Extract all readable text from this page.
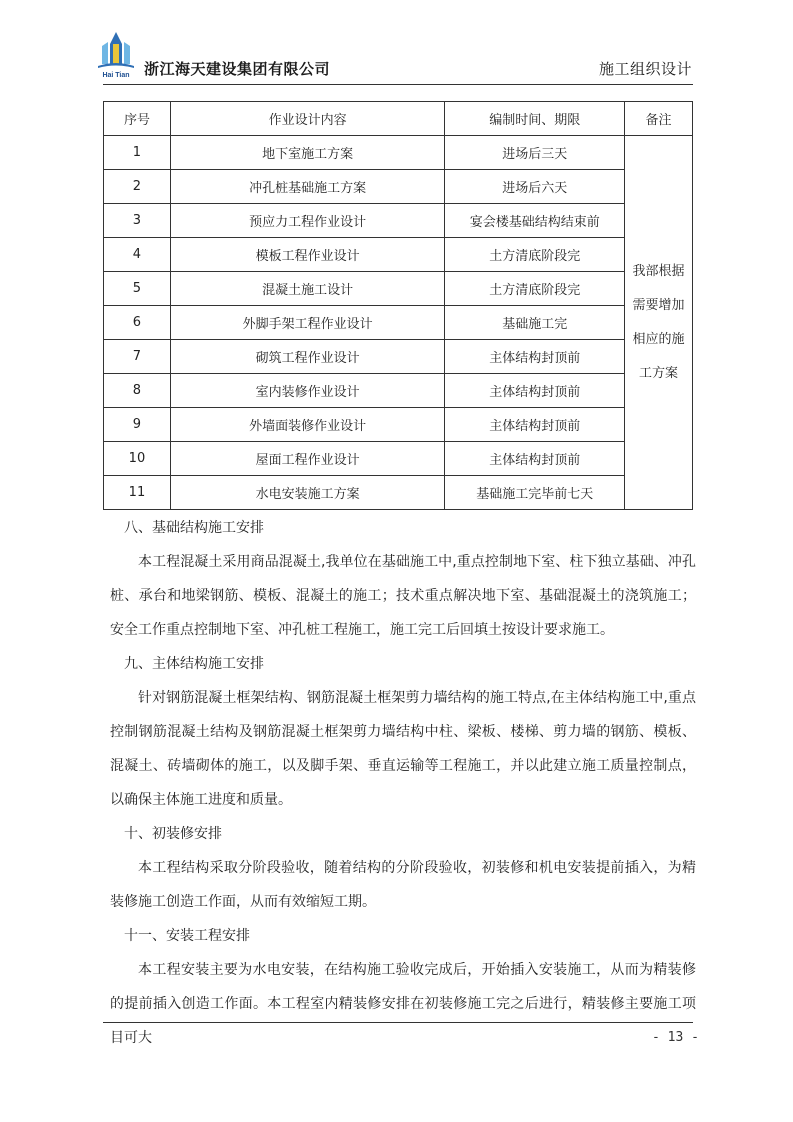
Hai Tian 浙江海天建设集团有限公司	施工组织设计
序号	作业设计内容	编制时间、期限	备注
1	地下室施工方案	进场后三天	我部根据
需要增加
相应的施
工方案

2	冲孔桩基础施工方案	进场后六天	
3	预应力工程作业设计	宴会楼基础结构结束前	
4	模板工程作业设计	土方清底阶段完	
5	混凝土施工设计	土方清底阶段完	
6	外脚手架工程作业设计	基础施工完	
7	砌筑工程作业设计	主体结构封顶前	
8	室内装修作业设计	主体结构封顶前	
9	外墙面装修作业设计	主体结构封顶前	
10	屋面工程作业设计	主体结构封顶前	
11	水电安装施工方案	基础施工完毕前七天	

八、基础结构施工安排

本工程混凝土采用商品混凝土,我单位在基础施工中,重点控制地下室、柱下独立基础、冲孔桩、承台和地梁钢筋、模板、混凝土的施工；技术重点解决地下室、基础混凝土的浇筑施工；安全工作重点控制地下室、冲孔桩工程施工，施工完工后回填土按设计要求施工。

九、主体结构施工安排

针对钢筋混凝土框架结构、钢筋混凝土框架剪力墙结构的施工特点,在主体结构施工中,重点控制钢筋混凝土结构及钢筋混凝土框架剪力墙结构中柱、梁板、楼梯、剪力墙的钢筋、模板、混凝土、砖墙砌体的施工，以及脚手架、垂直运输等工程施工，并以此建立施工质量控制点，以确保主体施工进度和质量。

十、初装修安排

本工程结构采取分阶段验收，随着结构的分阶段验收，初装修和机电安装提前插入，为精装修施工创造工作面，从而有效缩短工期。

十一、安装工程安排

本工程安装主要为水电安装，在结构施工验收完成后，开始插入安装施工，从而为精装修的提前插入创造工作面。本工程室内精装修安排在初装修施工完之后进行，精装修主要施工项目可大	- 13 -
